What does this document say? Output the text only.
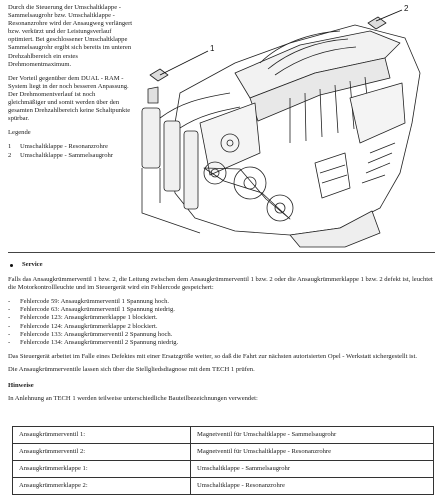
Durch die Steuerung der Umschaltklappe - Sammelsaugrohr bzw. Umschaltklappe - Resonanzrohre wird der Ansaugweg verlängert bzw. verkürzt und der Leistungsverlauf optimiert. Bei geschlossener Umschaltklappe Sammelsaugrohr ergibt sich bereits im unteren Drehzahlbereich ein erstes Drehmomentmaximum.

Der Vorteil gegenüber dem DUAL - RAM - System liegt in der noch besseren Anpassung. Der Drehmomentverlauf ist noch gleichmäßiger und somit werden über den gesamten Drehzahlbereich keine Schaltpunkte spürbar.

Legende

1	Umschaltklappe - Resonanzrohre
2	Umschaltklappe - Sammelsaugrohr
1
2
Service

Falls das Ansaugkrümmerventil 1 bzw. 2, die Leitung zwischen dem Ansaugkrümmerventil 1 bzw. 2 oder die Ansaugkrümmerklappe 1 bzw. 2 defekt ist, leuchtet die Motorkontrollleuchte und im Steuergerät wird ein Fehlercode gespeichert:

-	Fehlercode 59: Ansaugkrümmerventil 1 Spannung hoch.
-	Fehlercode 63: Ansaugkrümmerventil 1 Spannung niedrig.
-	Fehlercode 123: Ansaugkrümmerklappe 1 blockiert.
-	Fehlercode 124: Ansaugkrümmerklappe 2 blockiert.
-	Fehlercode 133: Ansaugkrümmerventil 2 Spannung hoch.
-	Fehlercode 134: Ansaugkrümmerventil 2 Spannung niedrig.

Das Steuergerät arbeitet im Falle eines Defektes mit einer Ersatzgröße weiter, so daß die Fahrt zur nächsten autorisierten Opel - Werkstatt sichergestellt ist.

Die Ansaugkrümmerventile lassen sich über die Stellgliedsdiagnose mit dem TECH 1 prüfen.

Hinweise

In Anlehnung an TECH 1 werden teilweise unterschiedliche Bauteilbezeichnungen verwendet:

Ansaugkrümmerventil 1:	Magnetventil für Umschaltklappe - Sammelsaugrohr
Ansaugkrümmerventil 2:	Magnetventil für Umschaltklappe - Resonanzrohre
Ansaugkrümmerklappe 1:	Umschaltklappe - Sammelsaugrohr
Ansaugkrümmerklappe 2:	Umschaltklappe - Resonanzrohre
